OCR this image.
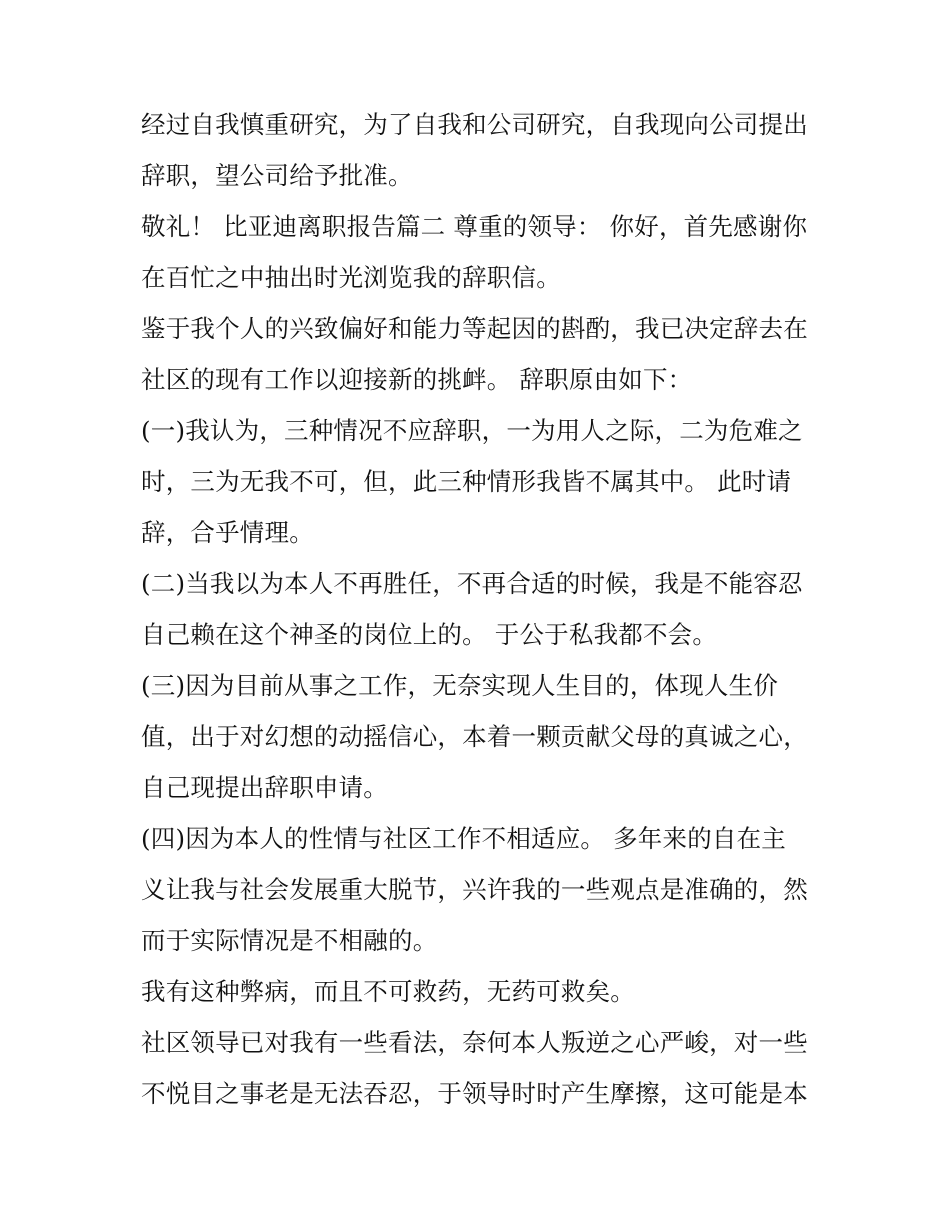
经过自我慎重研究，为了自我和公司研究，自我现向公司提出
辞职，望公司给予批准。
敬礼！ 比亚迪离职报告篇二 尊重的领导： 你好，首先感谢你
在百忙之中抽出时光浏览我的辞职信。
鉴于我个人的兴致偏好和能力等起因的斟酌，我已决定辞去在
社区的现有工作以迎接新的挑衅。 辞职原由如下：
(一)我认为，三种情况不应辞职，一为用人之际，二为危难之
时，三为无我不可，但，此三种情形我皆不属其中。 此时请
辞，合乎情理。
(二)当我以为本人不再胜任，不再合适的时候，我是不能容忍
自己赖在这个神圣的岗位上的。 于公于私我都不会。
(三)因为目前从事之工作，无奈实现人生目的，体现人生价
值，出于对幻想的动摇信心，本着一颗贡献父母的真诚之心，
自己现提出辞职申请。
(四)因为本人的性情与社区工作不相适应。 多年来的自在主
义让我与社会发展重大脱节，兴许我的一些观点是准确的，然
而于实际情况是不相融的。
我有这种弊病，而且不可救药，无药可救矣。
社区领导已对我有一些看法，奈何本人叛逆之心严峻，对一些
不悦目之事老是无法吞忍，于领导时时产生摩擦，这可能是本
